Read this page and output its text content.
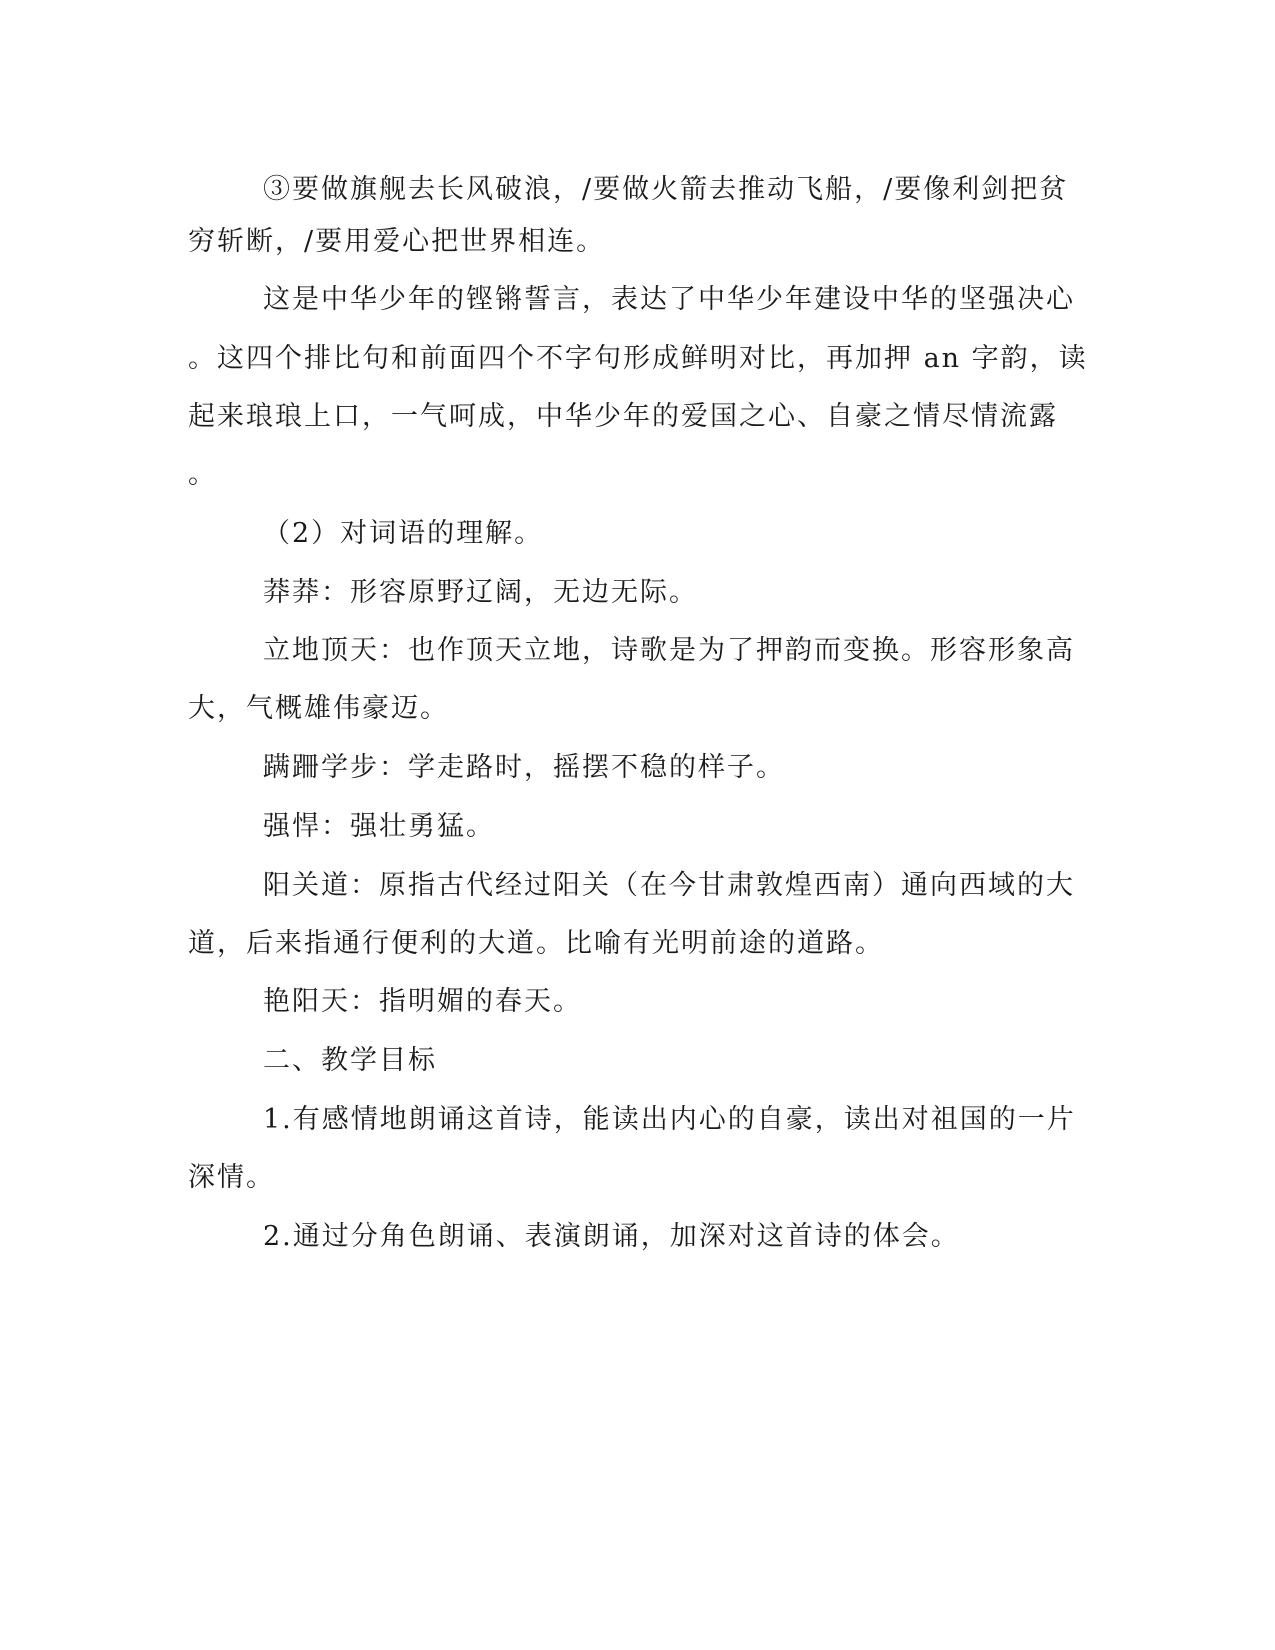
③要做旗舰去长风破浪，/要做火箭去推动飞船，/要像利剑把贫

穷斩断，/要用爱心把世界相连。

这是中华少年的铿锵誓言，表达了中华少年建设中华的坚强决心

。这四个排比句和前面四个不字句形成鲜明对比，再加押 an 字韵，读

起来琅琅上口，一气呵成，中华少年的爱国之心、自豪之情尽情流露

。

（2）对词语的理解。

莽莽：形容原野辽阔，无边无际。

立地顶天：也作顶天立地，诗歌是为了押韵而变换。形容形象高

大，气概雄伟豪迈。

蹒跚学步：学走路时，摇摆不稳的样子。

强悍：强壮勇猛。

阳关道：原指古代经过阳关（在今甘肃敦煌西南）通向西域的大

道，后来指通行便利的大道。比喻有光明前途的道路。

艳阳天：指明媚的春天。

二、教学目标

1.有感情地朗诵这首诗，能读出内心的自豪，读出对祖国的一片

深情。

2.通过分角色朗诵、表演朗诵，加深对这首诗的体会。
